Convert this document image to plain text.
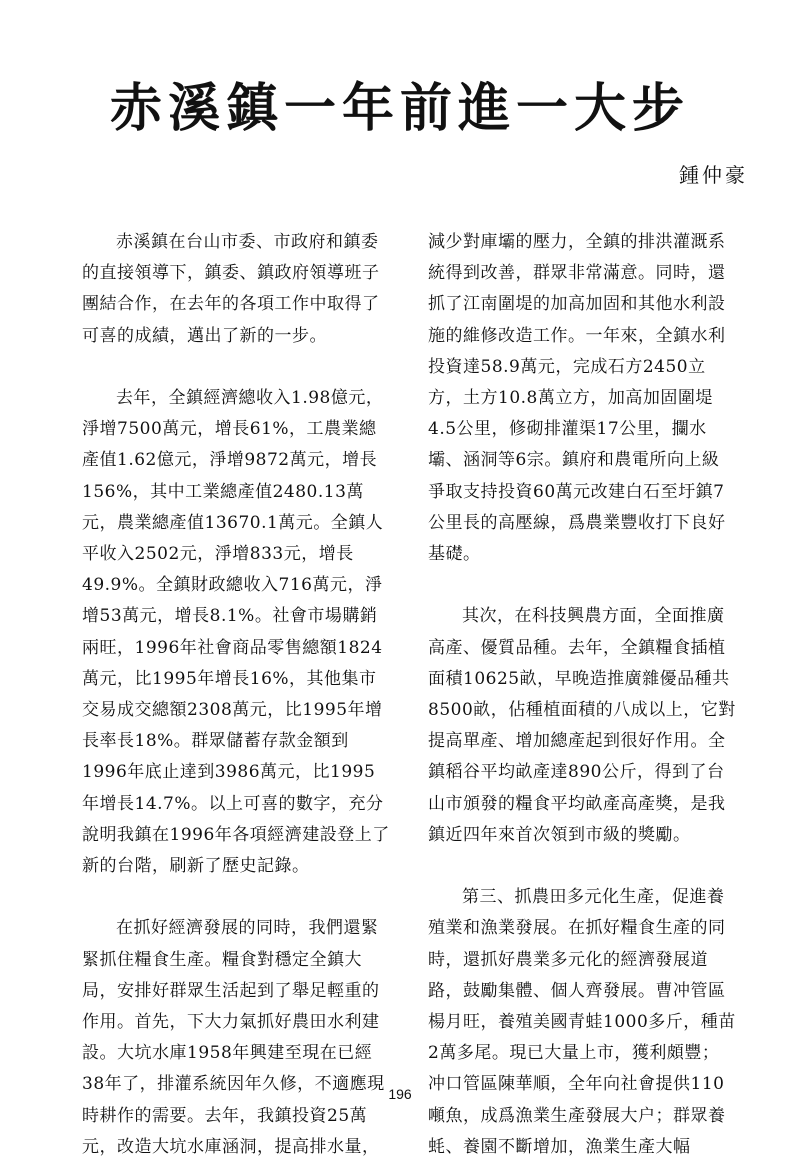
赤溪鎮一年前進一大步
鍾仲豪

赤溪鎮在台山市委、市政府和鎮委的直接領導下，鎮委、鎮政府領導班子團結合作，在去年的各項工作中取得了可喜的成績，邁出了新的一步。

去年，全鎮經濟總收入1.98億元，淨增7500萬元，增長61%，工農業總產值1.62億元，淨增9872萬元，增長156%，其中工業總產值2480.13萬元，農業總產值13670.1萬元。全鎮人平收入2502元，淨增833元，增長49.9%。全鎮財政總收入716萬元，淨增53萬元，增長8.1%。社會市場購銷兩旺，1996年社會商品零售總額1824萬元，比1995年增長16%，其他集市交易成交總額2308萬元，比1995年增長率長18%。群眾儲蓄存款金額到1996年底止達到3986萬元，比1995年增長14.7%。以上可喜的數字，充分說明我鎮在1996年各項經濟建設登上了新的台階，刷新了歷史記錄。

在抓好經濟發展的同時，我們還緊緊抓住糧食生產。糧食對穩定全鎮大局，安排好群眾生活起到了舉足輕重的作用。首先，下大力氣抓好農田水利建設。大坑水庫1958年興建至現在已經38年了，排灌系統因年久修，不適應現時耕作的需要。去年，我鎮投資25萬元，改造大坑水庫涵洞，提高排水量，

減少對庫壩的壓力，全鎮的排洪灌溉系統得到改善，群眾非常滿意。同時，還抓了江南圍堤的加高加固和其他水利設施的維修改造工作。一年來，全鎮水利投資達58.9萬元，完成石方2450立方，土方10.8萬立方，加高加固圍堤4.5公里，修砌排灌渠17公里，攔水壩、涵洞等6宗。鎮府和農電所向上級爭取支持投資60萬元改建白石至圩鎮7公里長的高壓線，爲農業豐收打下良好基礎。

其次，在科技興農方面，全面推廣高產、優質品種。去年，全鎮糧食插植面積10625畝，早晚造推廣雜優品種共8500畝，佔種植面積的八成以上，它對提高單產、增加總產起到很好作用。全鎮稻谷平均畝產達890公斤，得到了台山市頒發的糧食平均畝產高產獎，是我鎮近四年來首次領到市級的獎勵。

第三、抓農田多元化生產，促進養殖業和漁業發展。在抓好糧食生產的同時，還抓好農業多元化的經濟發展道路，鼓勵集體、個人齊發展。曹冲管區楊月旺，養殖美國青蛙1000多斤，種苗2萬多尾。現已大量上市，獲利頗豐；冲口管區陳華順，全年向社會提供110噸魚，成爲漁業生產發展大户；群眾養蚝、養園不斷增加，漁業生產大幅

196
